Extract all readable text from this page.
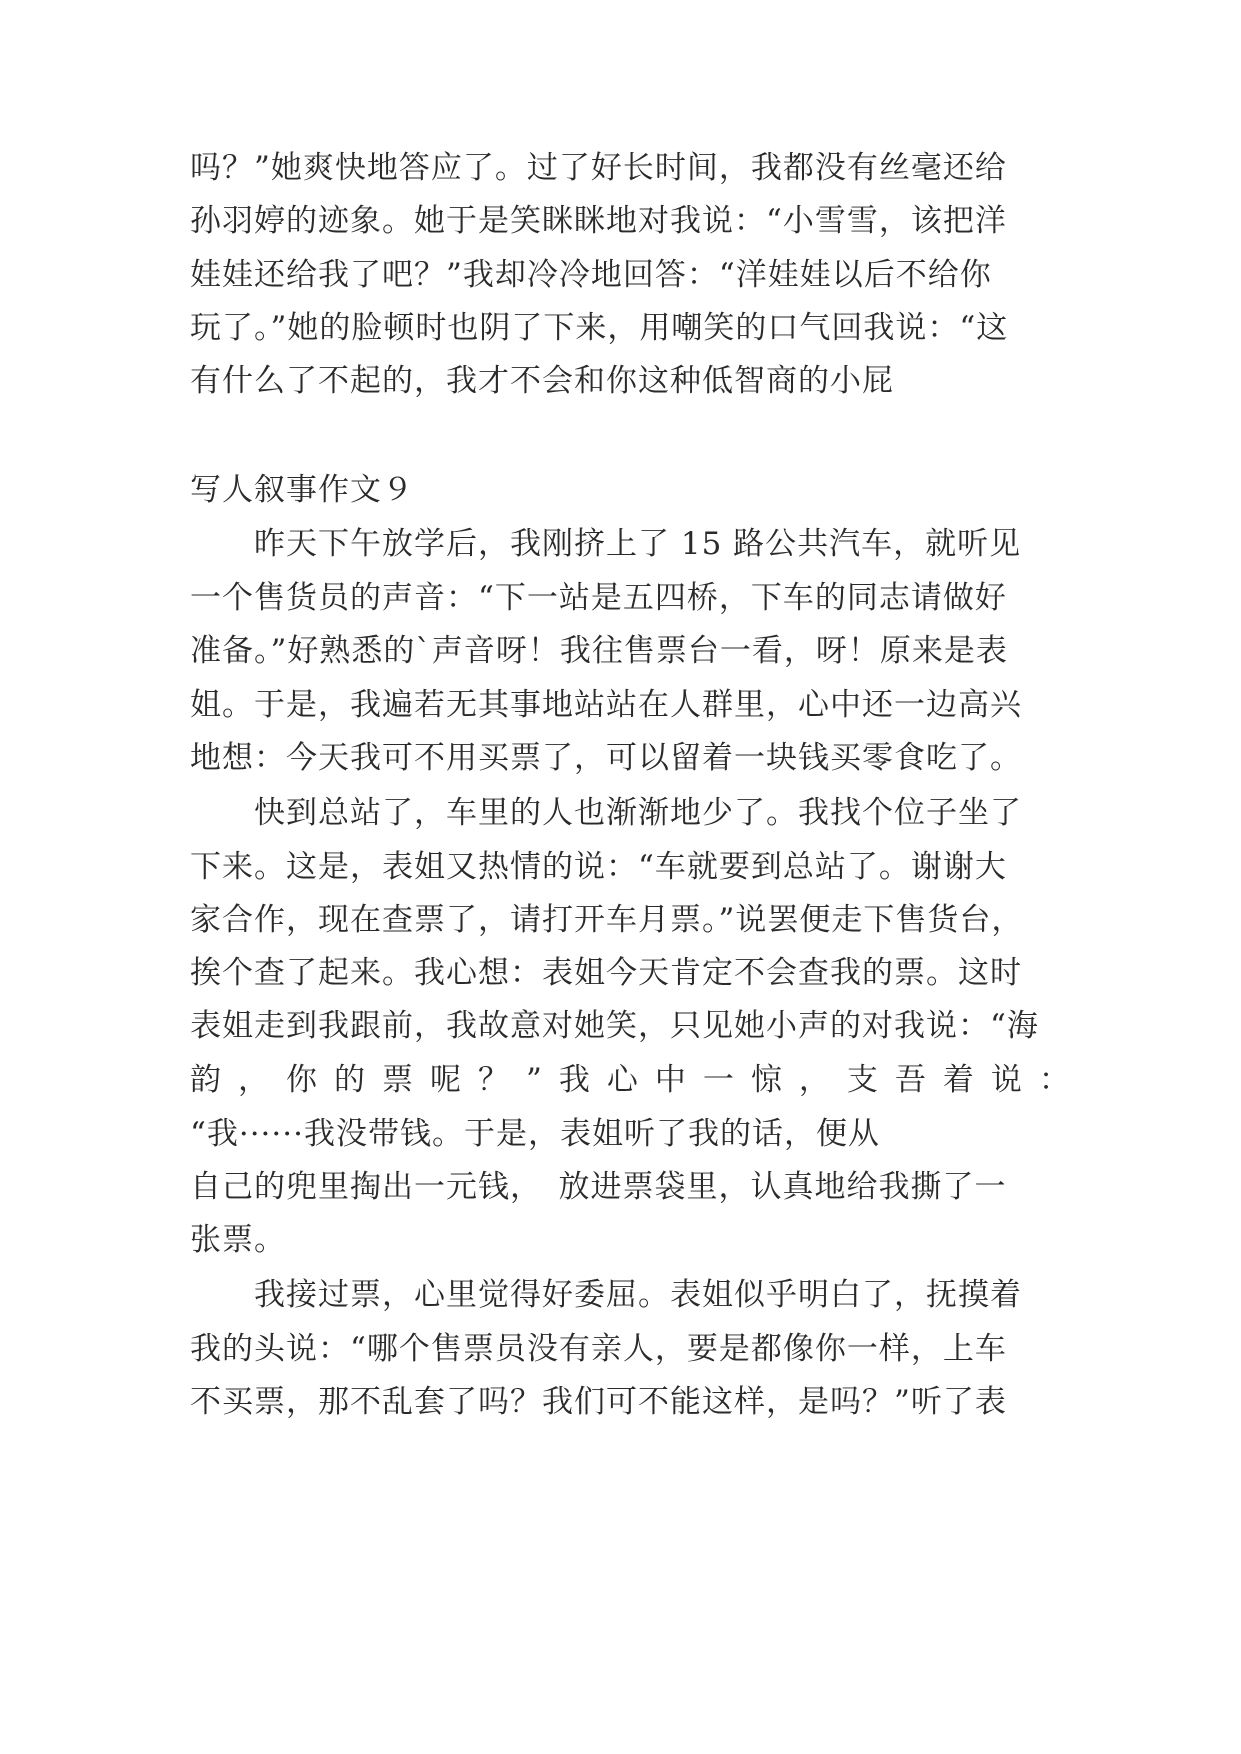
吗？”她爽快地答应了。过了好长时间，我都没有丝毫还给
孙羽婷的迹象。她于是笑眯眯地对我说：“小雪雪，该把洋
娃娃还给我了吧？”我却冷冷地回答：“洋娃娃以后不给你
玩了。”她的脸顿时也阴了下来，用嘲笑的口气回我说：“这
有什么了不起的，我才不会和你这种低智商的小屁
写人叙事作文９
　　昨天下午放学后，我刚挤上了 15 路公共汽车，就听见
一个售货员的声音：“下一站是五四桥，下车的同志请做好
准备。”好熟悉的`声音呀！我往售票台一看，呀！原来是表
姐。于是，我遍若无其事地站站在人群里，心中还一边高兴
地想：今天我可不用买票了，可以留着一块钱买零食吃了。
　　快到总站了，车里的人也渐渐地少了。我找个位子坐了
下来。这是，表姐又热情的说：“车就要到总站了。谢谢大
家合作，现在查票了，请打开车月票。”说罢便走下售货台，
挨个查了起来。我心想：表姐今天肯定不会查我的票。这时
表姐走到我跟前，我故意对她笑，只见她小声的对我说：“海
韵 ， 你 的 票 呢 ？ ” 我 心 中 一 惊 ， 支 吾 着 说 ：
“我······我没带钱。于是，表姐听了我的话，便从
自己的兜里掏出一元钱，　放进票袋里，认真地给我撕了一
张票。
　　我接过票，心里觉得好委屈。表姐似乎明白了，抚摸着
我的头说：“哪个售票员没有亲人，要是都像你一样，上车
不买票，那不乱套了吗？我们可不能这样，是吗？”听了表
